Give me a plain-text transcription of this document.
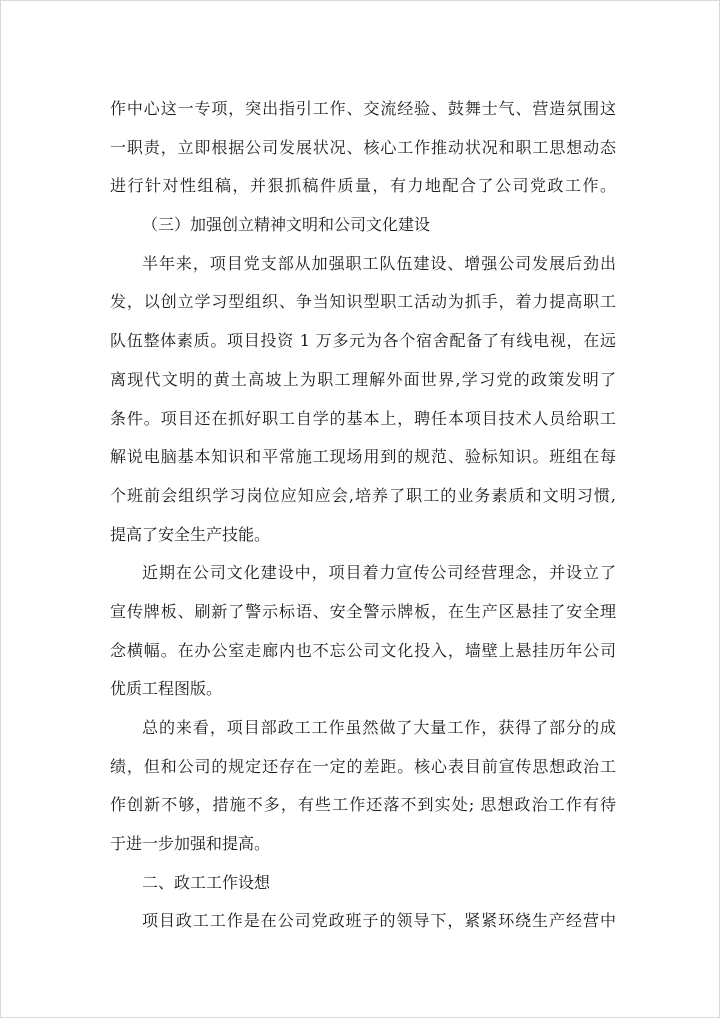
作中心这一专项，突出指引工作、交流经验、鼓舞士气、营造氛围这
一职责，立即根据公司发展状况、核心工作推动状况和职工思想动态
进行针对性组稿，并狠抓稿件质量，有力地配合了公司党政工作。
（三）加强创立精神文明和公司文化建设
半年来，项目党支部从加强职工队伍建设、增强公司发展后劲出
发，以创立学习型组织、争当知识型职工活动为抓手，着力提高职工
队伍整体素质。项目投资 1 万多元为各个宿舍配备了有线电视，在远
离现代文明的黄土高坡上为职工理解外面世界,学习党的政策发明了
条件。项目还在抓好职工自学的基本上，聘任本项目技术人员给职工
解说电脑基本知识和平常施工现场用到的规范、验标知识。班组在每
个班前会组织学习岗位应知应会,培养了职工的业务素质和文明习惯,
提高了安全生产技能。
近期在公司文化建设中，项目着力宣传公司经营理念，并设立了
宣传牌板、刷新了警示标语、安全警示牌板，在生产区悬挂了安全理
念横幅。在办公室走廊内也不忘公司文化投入，墙壁上悬挂历年公司
优质工程图版。
总的来看，项目部政工工作虽然做了大量工作，获得了部分的成
绩，但和公司的规定还存在一定的差距。核心表目前宣传思想政治工
作创新不够，措施不多，有些工作还落不到实处; 思想政治工作有待
于进一步加强和提高。
二、政工工作设想
项目政工工作是在公司党政班子的领导下，紧紧环绕生产经营中
